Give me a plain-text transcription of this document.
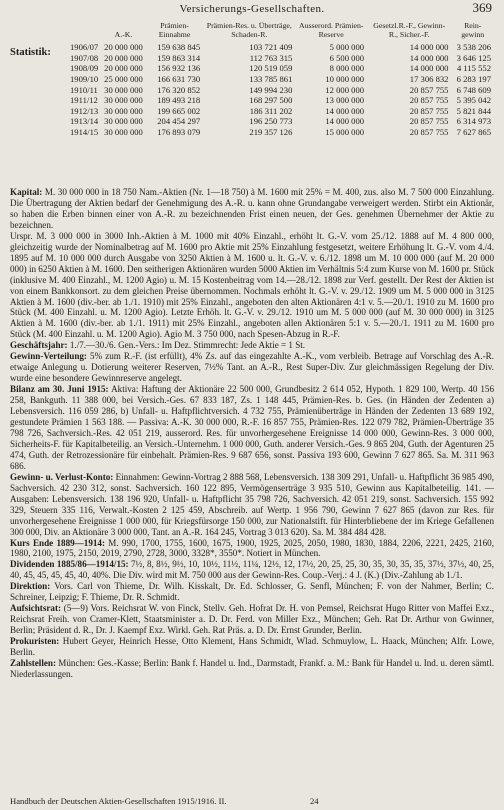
Versicherungs-Gesellschaften.	369
Statistik:
	A.-K.	Prämien-Einnahme	Prämien-Res. u. Überträge, Schaden-R.	Ausserord. Prämien-Reserve	Gesetzl.R.-F., Gewinn-R., Sicher.-F.	Rein-gewinn
1906/07	20 000 000	159 638 845	103 721 409	5 000 000	14 000 000	3 538 206
1907/08	20 000 000	159 863 314	112 763 315	6 500 000	14 000 000	3 646 125
1908/09	20 000 000	156 932 136	120 519 059	8 000 000	14 000 000	4 115 552
1909/10	25 000 000	166 631 730	133 785 861	10 000 000	17 306 832	6 283 197
1910/11	30 000 000	176 320 852	149 994 230	12 000 000	20 857 755	6 748 609
1911/12	30 000 000	189 493 218	168 297 500	13 000 000	20 857 755	5 395 042
1912/13	30 000 000	199 665 002	186 311 202	14 000 000	20 857 755	5 821 844
1913/14	30 000 000	204 454 297	196 250 773	14 000 000	20 857 755	6 314 973
1914/15	30 000 000	176 893 079	219 357 126	15 000 000	20 857 755	7 627 865

Kapital: M. 30 000 000 in 18 750 Nam.-Aktien (Nr. 1—18 750) à M. 1600 mit 25% = M. 400, zus. also M. 7 500 000 Einzahlung. Die Übertragung der Aktien bedarf der Genehmigung des A.-R. u. kann ohne Grundangabe verweigert werden. Stirbt ein Aktionär, so haben die Erben binnen einer von A.-R. zu bezeichnenden Frist einen neuen, der Ges. genehmen Übernehmer der Aktie zu bezeichnen.

Urspr. M. 3 000 000 in 3000 Inh.-Aktien à M. 1000 mit 40% Einzahl., erhöht lt. G.-V. vom 25./12. 1888 auf M. 4 800 000, gleichzeitig wurde der Nominalbetrag auf M. 1600 pro Aktie mit 25% Einzahlung festgesetzt, weitere Erhöhung lt. G.-V. vom 4./4. 1895 auf M. 10 000 000 durch Ausgabe von 3250 Aktien à M. 1600 u. lt. G.-V. v. 6./12. 1898 um M. 10 000 000 (auf M. 20 000 000) in 6250 Aktien à M. 1600. Den seitherigen Aktionären wurden 5000 Aktien im Verhältnis 5:4 zum Kurse von M. 1600 pr. Stück (inklusive M. 400 Einzahl., M. 1200 Agio) u. M. 15 Kostenbeitrag vom 14.—28./12. 1898 zur Verf. gestellt. Der Rest der Aktien ist von einem Bankkonsort. zu dem gleichen Preise übernommen. Nochmals erhöht lt. G.-V. v. 29./12. 1909 um M. 5 000 000 in 3125 Aktien à M. 1600 (div.-ber. ab 1./1. 1910) mit 25% Einzahl., angeboten den alten Aktionären 4:1 v. 5.—20./1. 1910 zu M. 1600 pro Stück (M. 400 Einzahl. u. M. 1200 Agio). Letzte Erhöh. lt. G.-V. v. 29./12. 1910 um M. 5 000 000 (auf M. 30 000 000) in 3125 Aktien à M. 1600 (div.-ber. ab 1./1. 1911) mit 25% Einzahl., angeboten allen Aktionären 5:1 v. 5.—20./1. 1911 zu M. 1600 pro Stück (M. 400 Einzahl. u. M. 1200 Agio). Agio M. 3 750 000, nach Spesen-Abzug in R.-F.

Geschäftsjahr: 1./7.—30./6. Gen.-Vers.: Im Dez. Stimmrecht: Jede Aktie = 1 St.

Gewinn-Verteilung: 5% zum R.-F. (ist erfüllt), 4% Zs. auf das eingezahlte A.-K., vom verbleib. Betrage auf Vorschlag des A.-R. etwaige Anlegung u. Dotierung weiterer Reserven, 7½% Tant. an A.-R., Rest Super-Div. Zur gleichmässigen Regelung der Div. wurde eine besondere Gewinnreserve angelegt.

Bilanz am 30. Juni 1915: Aktiva: Haftung der Aktionäre 22 500 000, Grundbesitz 2 614 052, Hypoth. 1 829 100, Wertp. 40 156 258, Bankguth. 11 388 000, bei Versich.-Ges. 67 833 187, Zs. 1 148 445, Prämien-Res. b. Ges. (in Händen der Zedenten a) Lebensversich. 116 059 286, b) Unfall- u. Haftpflichtversich. 4 732 755, Prämienüberträge in Händen der Zedenten 13 689 192, gestundete Prämien 1 563 188. — Passiva: A.-K. 30 000 000, R.-F. 16 857 755, Prämien-Res. 122 079 782, Prämien-Überträge 35 798 726, Sachversich.-Res. 42 051 219, ausserord. Res. für unvorhergesehene Ereignisse 14 000 000, Gewinn-Res. 3 000 000, Sicherheits-F. für Kapitalbeteilig. an Versich.-Unternehm. 1 000 000, Guth. anderer Versich.-Ges. 9 865 204, Guth. der Agenturen 25 474, Guth. der Retrozessionäre für einbehalt. Prämien-Res. 9 687 656, sonst. Passiva 193 600, Gewinn 7 627 865. Sa. M. 311 963 686.

Gewinn- u. Verlust-Konto: Einnahmen: Gewinn-Vortrag 2 888 568, Lebensversich. 138 309 291, Unfall- u. Haftpflicht 36 985 490, Sachversich. 42 230 312, sonst. Sachversich. 160 122 895, Vermögenserträge 3 935 510, Gewinn aus Kapitalbeteilig. 141. — Ausgaben: Lebensversich. 138 196 920, Unfall- u. Haftpflicht 35 798 726, Sachversich. 42 051 219, sonst. Sachversich. 155 992 329, Steuern 335 116, Verwalt.-Kosten 2 125 459, Abschreib. auf Wertp. 1 956 790, Gewinn 7 627 865 (davon zur Res. für unvorhergesehene Ereignisse 1 000 000, für Kriegsfürsorge 150 000, zur Nationalstift. für Hinterbliebene der im Kriege Gefallenen 300 000, Div. an Aktionäre 3 000 000, Tant. an A.-R. 164 245, Vortrag 3 013 620). Sa. M. 384 484 428.

Kurs Ende 1889—1914: M. 990, 1700, 1755, 1600, 1675, 1900, 1925, 2025, 2050, 1980, 1830, 1884, 2206, 2221, 2425, 2160, 1980, 2100, 1975, 2150, 2019, 2790, 2728, 3000, 3328*, 3550*. Notiert in München.

Dividenden 1885/86—1914/15: 7½, 8, 8½, 9½, 10, 10½, 11½, 11¼, 12½, 12, 17½, 20, 25, 25, 30, 35, 30, 35, 35, 37½, 37½, 40, 25, 40, 45, 45, 45, 45, 40, 40%. Die Div. wird mit M. 750 000 aus der Gewinn-Res. Coup.-Verj.: 4 J. (K.) (Div.-Zahlung ab 1./1.

Direktion: Vors. Carl von Thieme, Dr. Wilh. Kisskalt, Dr. Ed. Schlosser, G. Senfl, München; F. von der Nahmer, Berlin; C. Schreiner, Leipzig; F. Thieme, Dr. R. Schmidt.

Aufsichtsrat: (5—9) Vors. Reichsrat W. von Finck, Stellv. Geh. Hofrat Dr. H. von Pemsel, Reichsrat Hugo Ritter von Maffei Exz., Reichsrat Freih. von Cramer-Klett, Staatsminister a. D. Dr. Ferd. von Miller Exz., München; Geh. Rat Dr. Arthur von Gwinner, Berlin; Präsident d. R., Dr. J. Kaempf Exz. Wirkl. Geh. Rat Präs. a. D. Dr. Ernst Grunder, Berlin.

Prokuristen: Hubert Geyer, Heinrich Hesse, Otto Klement, Hans Schmidt, Wlad. Schmuylow, L. Haack, München; Alfr. Lowe, Berlin.

Zahlstellen: München: Ges.-Kasse; Berlin: Bank f. Handel u. Ind., Darmstadt, Frankf. a. M.: Bank für Handel u. Ind. u. deren sämtl. Niederlassungen.

Handbuch der Deutschen Aktien-Gesellschaften 1915/1916. II.	24
